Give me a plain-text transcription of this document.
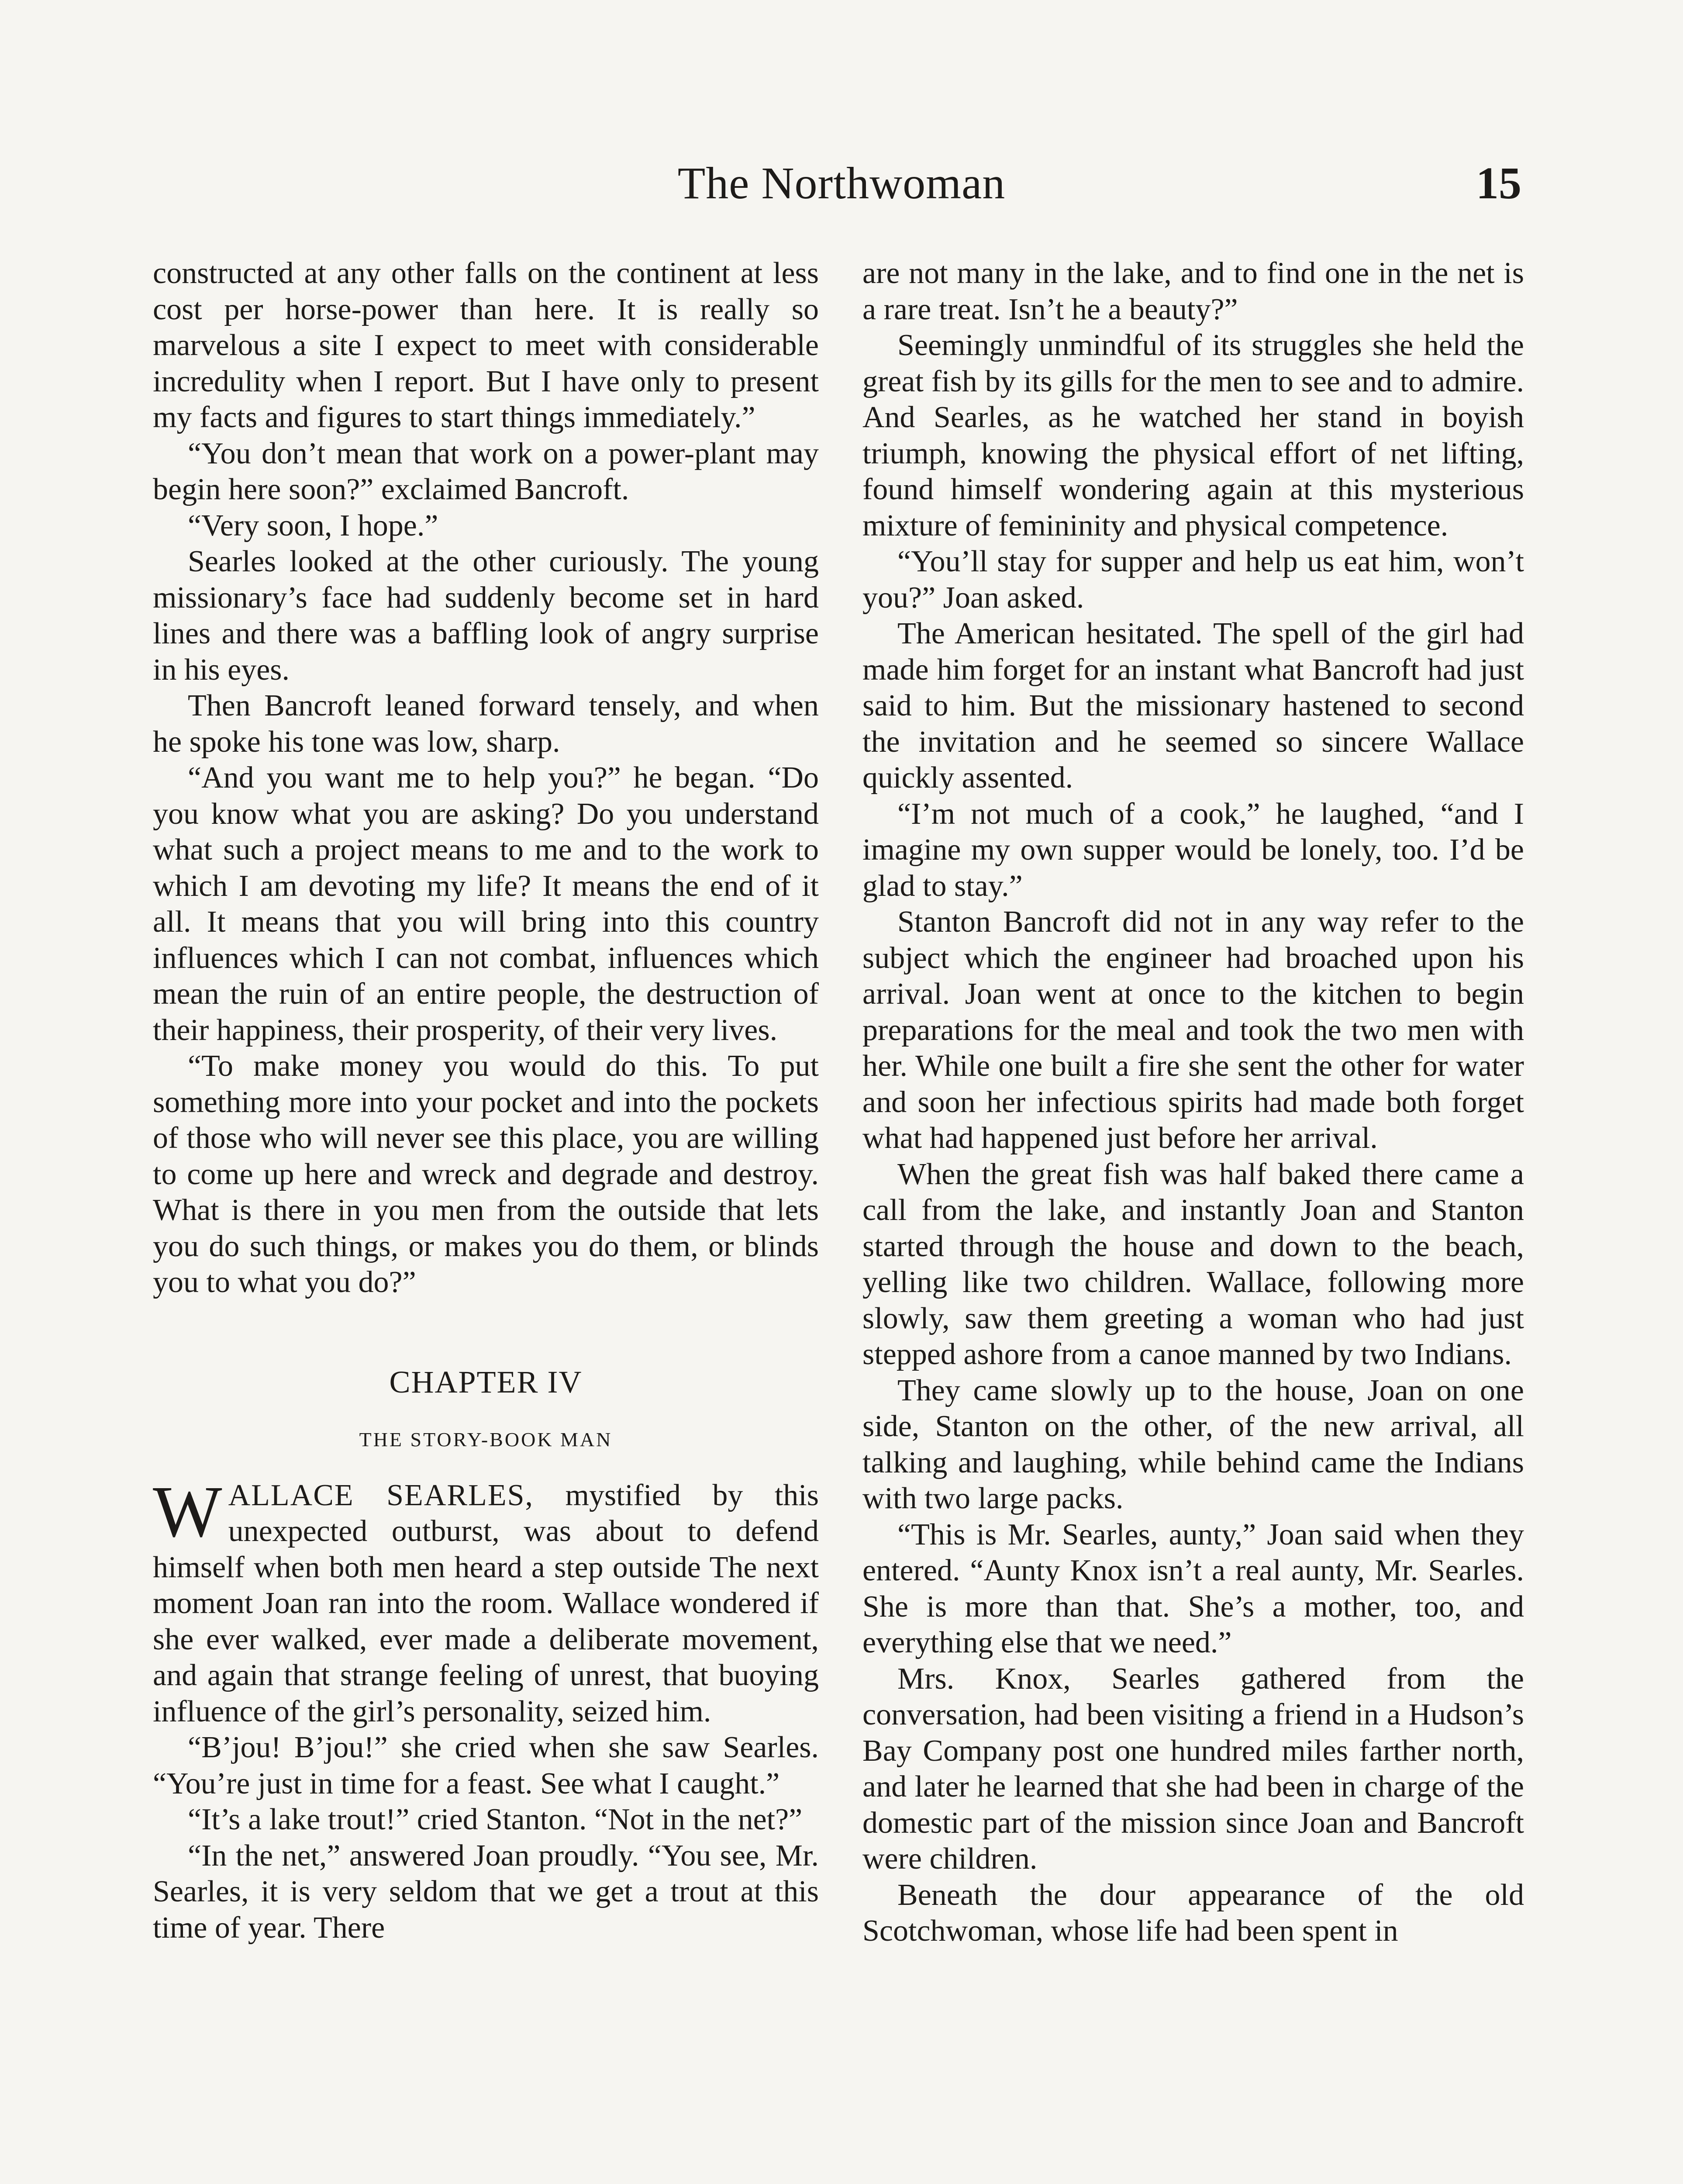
The Northwoman	15

constructed at any other falls on the continent at less cost per horse-power than here. It is really so marvelous a site I expect to meet with considerable incredulity when I report. But I have only to present my facts and figures to start things immediately.”

“You don’t mean that work on a power-plant may begin here soon?” exclaimed Bancroft.

“Very soon, I hope.”

Searles looked at the other curiously. The young missionary’s face had suddenly become set in hard lines and there was a baffling look of angry surprise in his eyes.

Then Bancroft leaned forward tensely, and when he spoke his tone was low, sharp.

“And you want me to help you?” he began. “Do you know what you are asking? Do you understand what such a project means to me and to the work to which I am devoting my life? It means the end of it all. It means that you will bring into this country influences which I can not combat, influences which mean the ruin of an entire people, the destruction of their happiness, their prosperity, of their very lives.

“To make money you would do this. To put something more into your pocket and into the pockets of those who will never see this place, you are willing to come up here and wreck and degrade and destroy. What is there in you men from the outside that lets you do such things, or makes you do them, or blinds you to what you do?”

CHAPTER IV
THE STORY-BOOK MAN

WALLACE SEARLES, mystified by this unexpected outburst, was about to defend himself when both men heard a step outside The next moment Joan ran into the room. Wallace wondered if she ever walked, ever made a deliberate movement, and again that strange feeling of unrest, that buoying influence of the girl’s personality, seized him.

“B’jou! B’jou!” she cried when she saw Searles. “You’re just in time for a feast. See what I caught.”

“It’s a lake trout!” cried Stanton. “Not in the net?”

“In the net,” answered Joan proudly. “You see, Mr. Searles, it is very seldom that we get a trout at this time of year. There

are not many in the lake, and to find one in the net is a rare treat. Isn’t he a beauty?”

Seemingly unmindful of its struggles she held the great fish by its gills for the men to see and to admire. And Searles, as he watched her stand in boyish triumph, knowing the physical effort of net lifting, found himself wondering again at this mysterious mixture of femininity and physical competence.

“You’ll stay for supper and help us eat him, won’t you?” Joan asked.

The American hesitated. The spell of the girl had made him forget for an instant what Bancroft had just said to him. But the missionary hastened to second the invitation and he seemed so sincere Wallace quickly assented.

“I’m not much of a cook,” he laughed, “and I imagine my own supper would be lonely, too. I’d be glad to stay.”

Stanton Bancroft did not in any way refer to the subject which the engineer had broached upon his arrival. Joan went at once to the kitchen to begin preparations for the meal and took the two men with her. While one built a fire she sent the other for water and soon her infectious spirits had made both forget what had happened just before her arrival.

When the great fish was half baked there came a call from the lake, and instantly Joan and Stanton started through the house and down to the beach, yelling like two children. Wallace, following more slowly, saw them greeting a woman who had just stepped ashore from a canoe manned by two Indians.

They came slowly up to the house, Joan on one side, Stanton on the other, of the new arrival, all talking and laughing, while behind came the Indians with two large packs.

“This is Mr. Searles, aunty,” Joan said when they entered. “Aunty Knox isn’t a real aunty, Mr. Searles. She is more than that. She’s a mother, too, and everything else that we need.”

Mrs. Knox, Searles gathered from the conversation, had been visiting a friend in a Hudson’s Bay Company post one hundred miles farther north, and later he learned that she had been in charge of the domestic part of the mission since Joan and Bancroft were children.

Beneath the dour appearance of the old Scotchwoman, whose life had been spent in
